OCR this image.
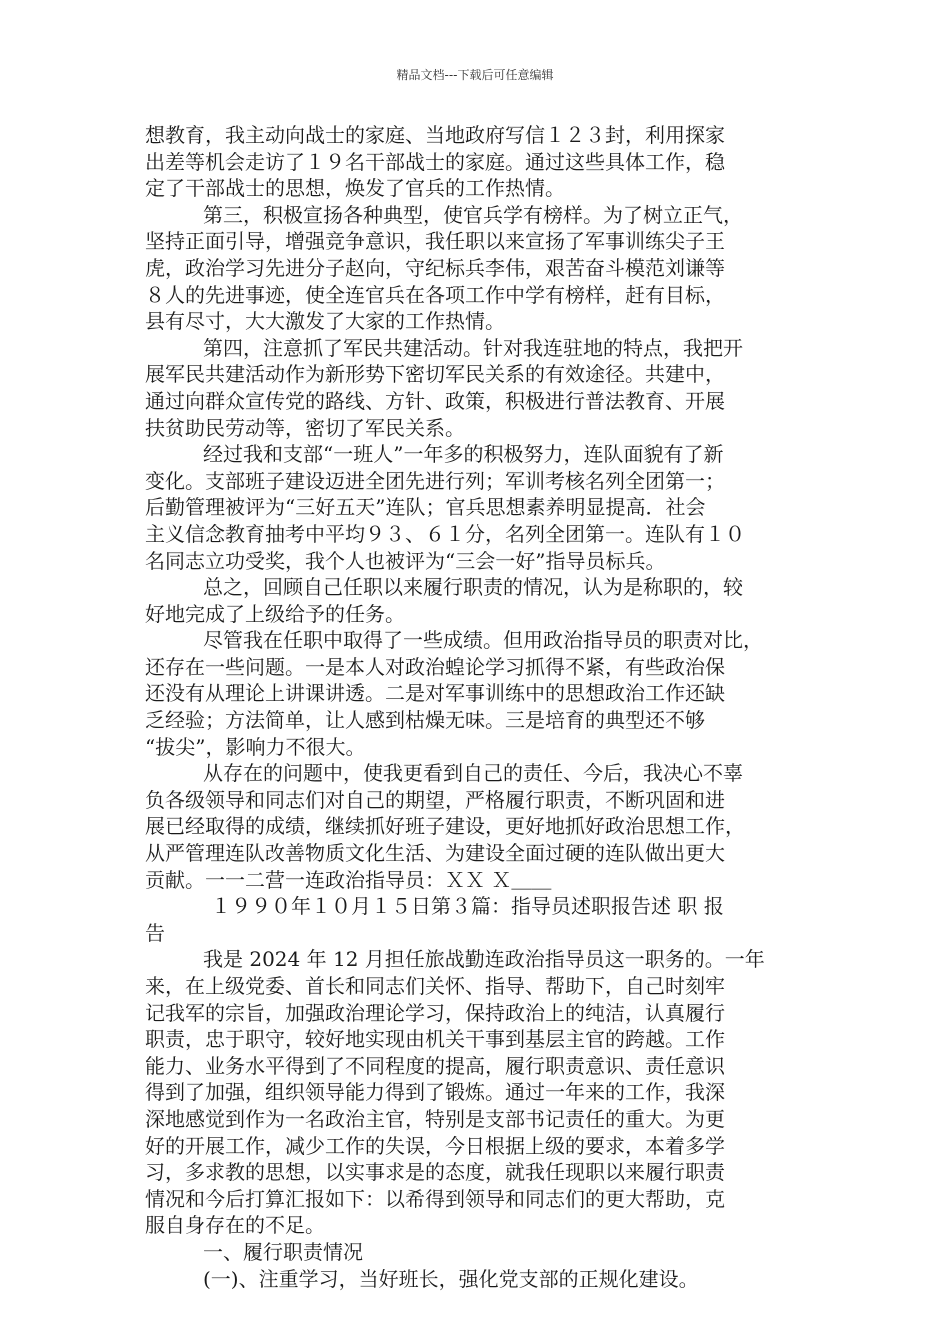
精品文档---下载后可任意编辑
想教育，我主动向战士的家庭、当地政府写信１２３封，利用探家
出差等机会走访了１９名干部战士的家庭。通过这些具体工作，稳
定了干部战士的思想，焕发了官兵的工作热情。
第三，积极宣扬各种典型，使官兵学有榜样。为了树立正气，
坚持正面引导，增强竞争意识，我任职以来宣扬了军事训练尖子王
虎，政治学习先进分子赵向，守纪标兵李伟，艰苦奋斗模范刘谦等
８人的先进事迹，使全连官兵在各项工作中学有榜样，赶有目标，
县有尽寸，大大激发了大家的工作热情。
第四，注意抓了军民共建活动。针对我连驻地的特点，我把开
展军民共建活动作为新形势下密切军民关系的有效途径。共建中，
通过向群众宣传党的路线、方针、政策，积极进行普法教育、开展
扶贫助民劳动等，密切了军民关系。
经过我和支部“一班人”一年多的积极努力，连队面貌有了新
变化。支部班子建设迈进全团先进行列；军训考核名列全团第一；
后勤管理被评为“三好五天”连队；官兵思想素养明显提高．社会
主义信念教育抽考中平均９３、６１分，名列全团第一。连队有１０
名同志立功受奖，我个人也被评为“三会一好”指导员标兵。
总之，回顾自己任职以来履行职责的情况，认为是称职的，较
好地完成了上级给予的任务。
尽管我在任职中取得了一些成绩。但用政治指导员的职责对比，
还存在一些问题。一是本人对政治蝗论学习抓得不紧，有些政治保
还没有从理论上讲课讲透。二是对军事训练中的思想政治工作还缺
乏经验；方法简单，让人感到枯燥无味。三是培育的典型还不够
“拔尖”，影响力不很大。
从存在的问题中，使我更看到自己的责任、今后，我决心不辜
负各级领导和同志们对自己的期望，严格履行职责，不断巩固和进
展已经取得的成绩，继续抓好班子建设，更好地抓好政治思想工作，
从严管理连队改善物质文化生活、为建设全面过硬的连队做出更大
贡献。一一二营一连政治指导员：ＸＸ Ｘ＿＿
１９９０年１０月１５日第３篇：指导员述职报告述 职 报
告
我是 2024 年 12 月担任旅战勤连政治指导员这一职务的。一年
来，在上级党委、首长和同志们关怀、指导、帮助下，自己时刻牢
记我军的宗旨，加强政治理论学习，保持政治上的纯洁，认真履行
职责，忠于职守，较好地实现由机关干事到基层主官的跨越。工作
能力、业务水平得到了不同程度的提高，履行职责意识、责任意识
得到了加强，组织领导能力得到了锻炼。通过一年来的工作，我深
深地感觉到作为一名政治主官，特别是支部书记责任的重大。为更
好的开展工作，减少工作的失误，今日根据上级的要求，本着多学
习，多求教的思想，以实事求是的态度，就我任现职以来履行职责
情况和今后打算汇报如下：以希得到领导和同志们的更大帮助，克
服自身存在的不足。
一、履行职责情况
(一)、注重学习，当好班长，强化党支部的正规化建设。
